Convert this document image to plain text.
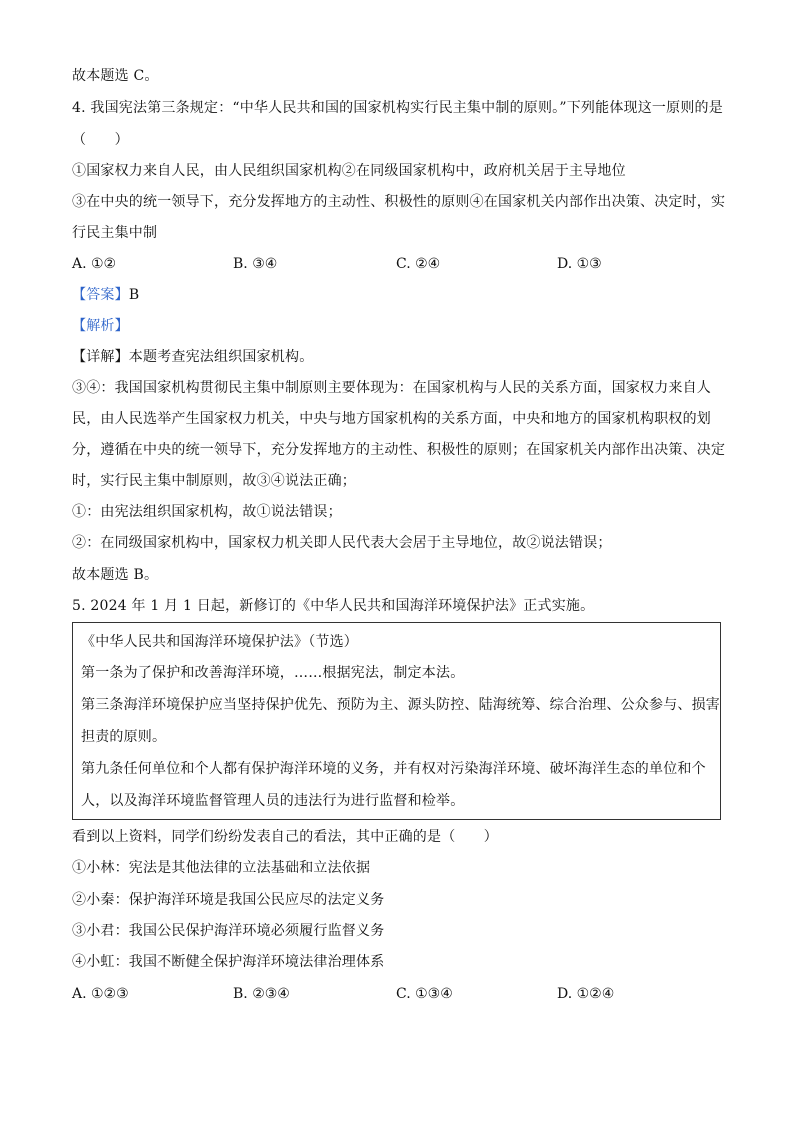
故本题选 C。
4. 我国宪法第三条规定：“中华人民共和国的国家机构实行民主集中制的原则。”下列能体现这一原则的是
（　　）
①国家权力来自人民，由人民组织国家机构②在同级国家机构中，政府机关居于主导地位
③在中央的统一领导下，充分发挥地方的主动性、积极性的原则④在国家机关内部作出决策、决定时，实
行民主集中制
A. ①②	B. ③④	C. ②④	D. ①③
【答案】B
【解析】
【详解】本题考查宪法组织国家机构。
③④：我国国家机构贯彻民主集中制原则主要体现为：在国家机构与人民的关系方面，国家权力来自人
民，由人民选举产生国家权力机关，中央与地方国家机构的关系方面，中央和地方的国家机构职权的划
分，遵循在中央的统一领导下，充分发挥地方的主动性、积极性的原则；在国家机关内部作出决策、决定
时，实行民主集中制原则，故③④说法正确；
①：由宪法组织国家机构，故①说法错误；
②：在同级国家机构中，国家权力机关即人民代表大会居于主导地位，故②说法错误；
故本题选 B。
5. 2024 年 1 月 1 日起，新修订的《中华人民共和国海洋环境保护法》正式实施。
《中华人民共和国海洋环境保护法》（节选）
第一条为了保护和改善海洋环境，……根据宪法，制定本法。
第三条海洋环境保护应当坚持保护优先、预防为主、源头防控、陆海统筹、综合治理、公众参与、损害
担责的原则。
第九条任何单位和个人都有保护海洋环境的义务，并有权对污染海洋环境、破坏海洋生态的单位和个
人，以及海洋环境监督管理人员的违法行为进行监督和检举。
看到以上资料，同学们纷纷发表自己的看法，其中正确的是（　　）
①小林：宪法是其他法律的立法基础和立法依据
②小秦：保护海洋环境是我国公民应尽的法定义务
③小君：我国公民保护海洋环境必须履行监督义务
④小虹：我国不断健全保护海洋环境法律治理体系
A. ①②③	B. ②③④	C. ①③④	D. ①②④
